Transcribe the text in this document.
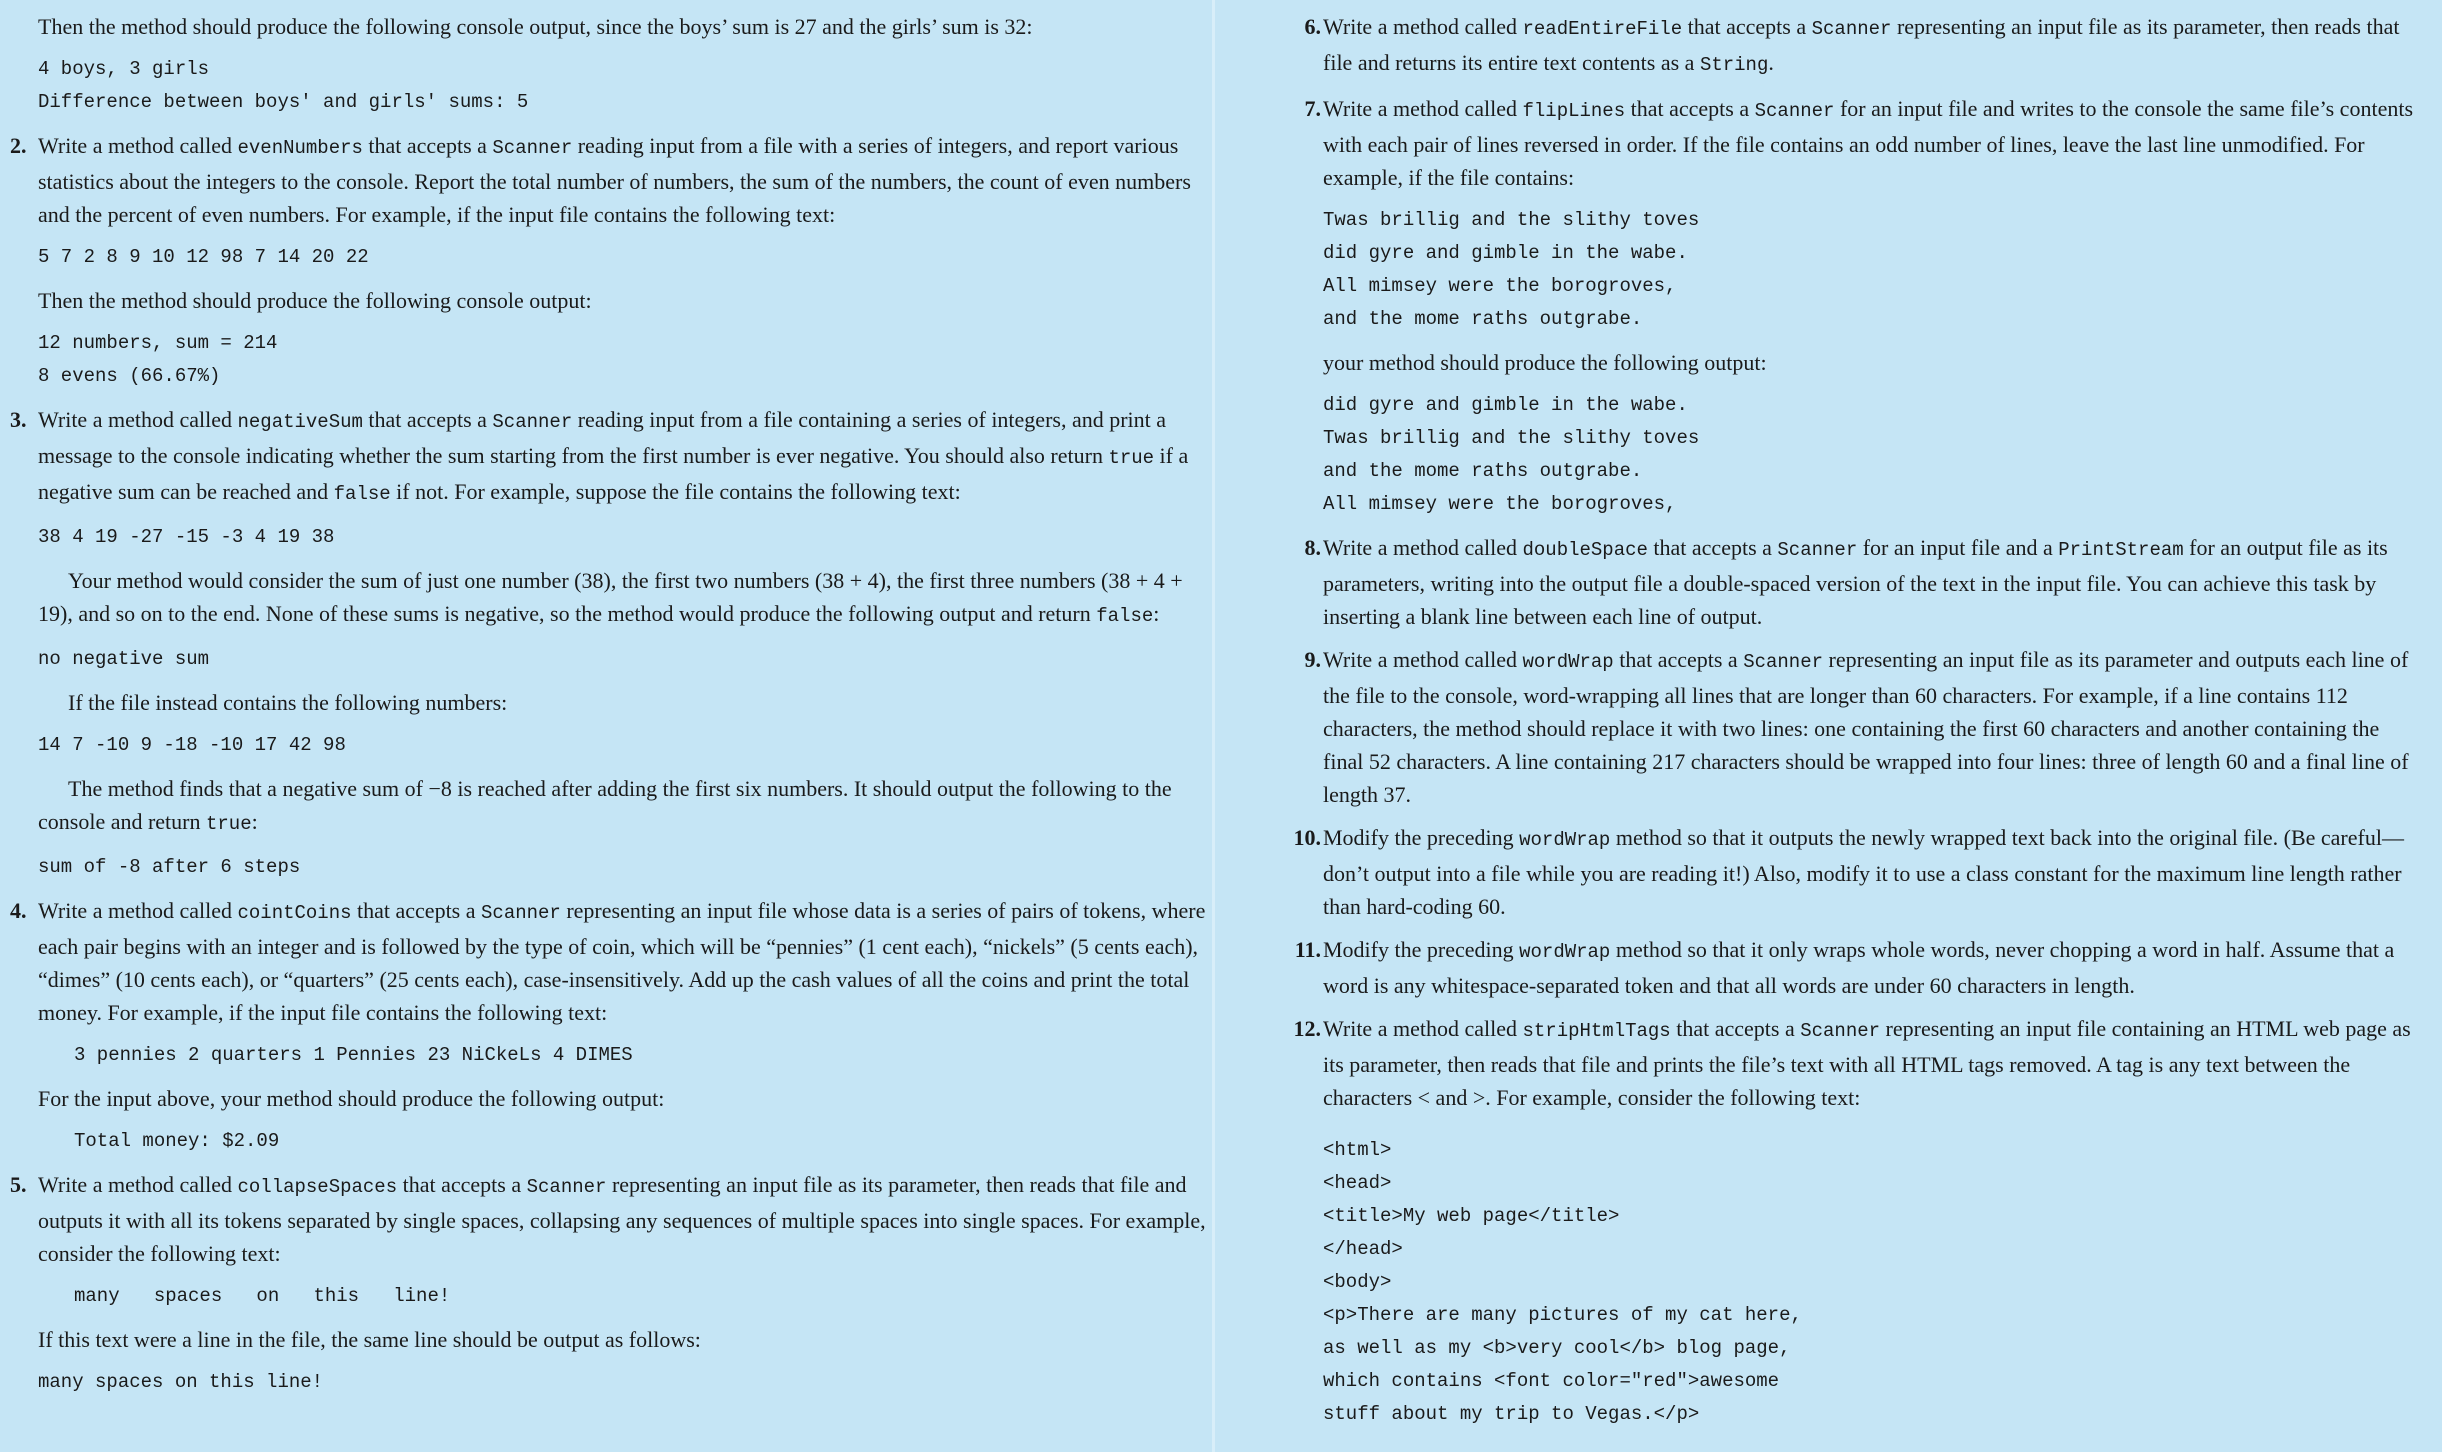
Then the method should produce the following console output, since the boys’ sum is 27 and the girls’ sum is 32:

4 boys, 3 girls
Difference between boys' and girls' sums: 5
2. Write a method called evenNumbers that accepts a Scanner reading input from a file with a series of integers, and report various statistics about the integers to the console. Report the total number of numbers, the sum of the numbers, the count of even numbers and the percent of even numbers. For example, if the input file contains the following text:
5 7 2 8 9 10 12 98 7 14 20 22

Then the method should produce the following console output:

12 numbers, sum = 214
8 evens (66.67%)
3. Write a method called negativeSum that accepts a Scanner reading input from a file containing a series of integers, and print a message to the console indicating whether the sum starting from the first number is ever negative. You should also return true if a negative sum can be reached and false if not. For example, suppose the file contains the following text:
38 4 19 -27 -15 -3 4 19 38

Your method would consider the sum of just one number (38), the first two numbers (38 + 4), the first three numbers (38 + 4 + 19), and so on to the end. None of these sums is negative, so the method would produce the following output and return false:

no negative sum

If the file instead contains the following numbers:

14 7 -10 9 -18 -10 17 42 98

The method finds that a negative sum of −8 is reached after adding the first six numbers. It should output the following to the console and return true:

sum of -8 after 6 steps
4. Write a method called cointCoins that accepts a Scanner representing an input file whose data is a series of pairs of tokens, where each pair begins with an integer and is followed by the type of coin, which will be “pennies” (1 cent each), “nickels” (5 cents each), “dimes” (10 cents each), or “quarters” (25 cents each), case-insensitively. Add up the cash values of all the coins and print the total money. For example, if the input file contains the following text:
3 pennies 2 quarters 1 Pennies 23 NiCkeLs 4 DIMES

For the input above, your method should produce the following output:

Total money: $2.09
5. Write a method called collapseSpaces that accepts a Scanner representing an input file as its parameter, then reads that file and outputs it with all its tokens separated by single spaces, collapsing any sequences of multiple spaces into single spaces. For example, consider the following text:
many   spaces   on   this   line!

If this text were a line in the file, the same line should be output as follows:

many spaces on this line!
6. Write a method called readEntireFile that accepts a Scanner representing an input file as its parameter, then reads that file and returns its entire text contents as a String.
7. Write a method called flipLines that accepts a Scanner for an input file and writes to the console the same file’s contents with each pair of lines reversed in order. If the file contains an odd number of lines, leave the last line unmodified. For example, if the file contains:
Twas brillig and the slithy toves
did gyre and gimble in the wabe.
All mimsey were the borogroves,
and the mome raths outgrabe.

your method should produce the following output:

did gyre and gimble in the wabe.
Twas brillig and the slithy toves
and the mome raths outgrabe.
All mimsey were the borogroves,
8. Write a method called doubleSpace that accepts a Scanner for an input file and a PrintStream for an output file as its parameters, writing into the output file a double-spaced version of the text in the input file. You can achieve this task by inserting a blank line between each line of output.
9. Write a method called wordWrap that accepts a Scanner representing an input file as its parameter and outputs each line of the file to the console, word-wrapping all lines that are longer than 60 characters. For example, if a line contains 112 characters, the method should replace it with two lines: one containing the first 60 characters and another containing the final 52 characters. A line containing 217 characters should be wrapped into four lines: three of length 60 and a final line of length 37.
10. Modify the preceding wordWrap method so that it outputs the newly wrapped text back into the original file. (Be careful—don’t output into a file while you are reading it!) Also, modify it to use a class constant for the maximum line length rather than hard-coding 60.
11. Modify the preceding wordWrap method so that it only wraps whole words, never chopping a word in half. Assume that a word is any whitespace-separated token and that all words are under 60 characters in length.
12. Write a method called stripHtmlTags that accepts a Scanner representing an input file containing an HTML web page as its parameter, then reads that file and prints the file’s text with all HTML tags removed. A tag is any text between the characters < and >. For example, consider the following text:
<html>
<head>
<title>My web page</title>
</head>
<body>
<p>There are many pictures of my cat here,
as well as my <b>very cool</b> blog page,
which contains <font color="red">awesome
stuff about my trip to Vegas.</p>
